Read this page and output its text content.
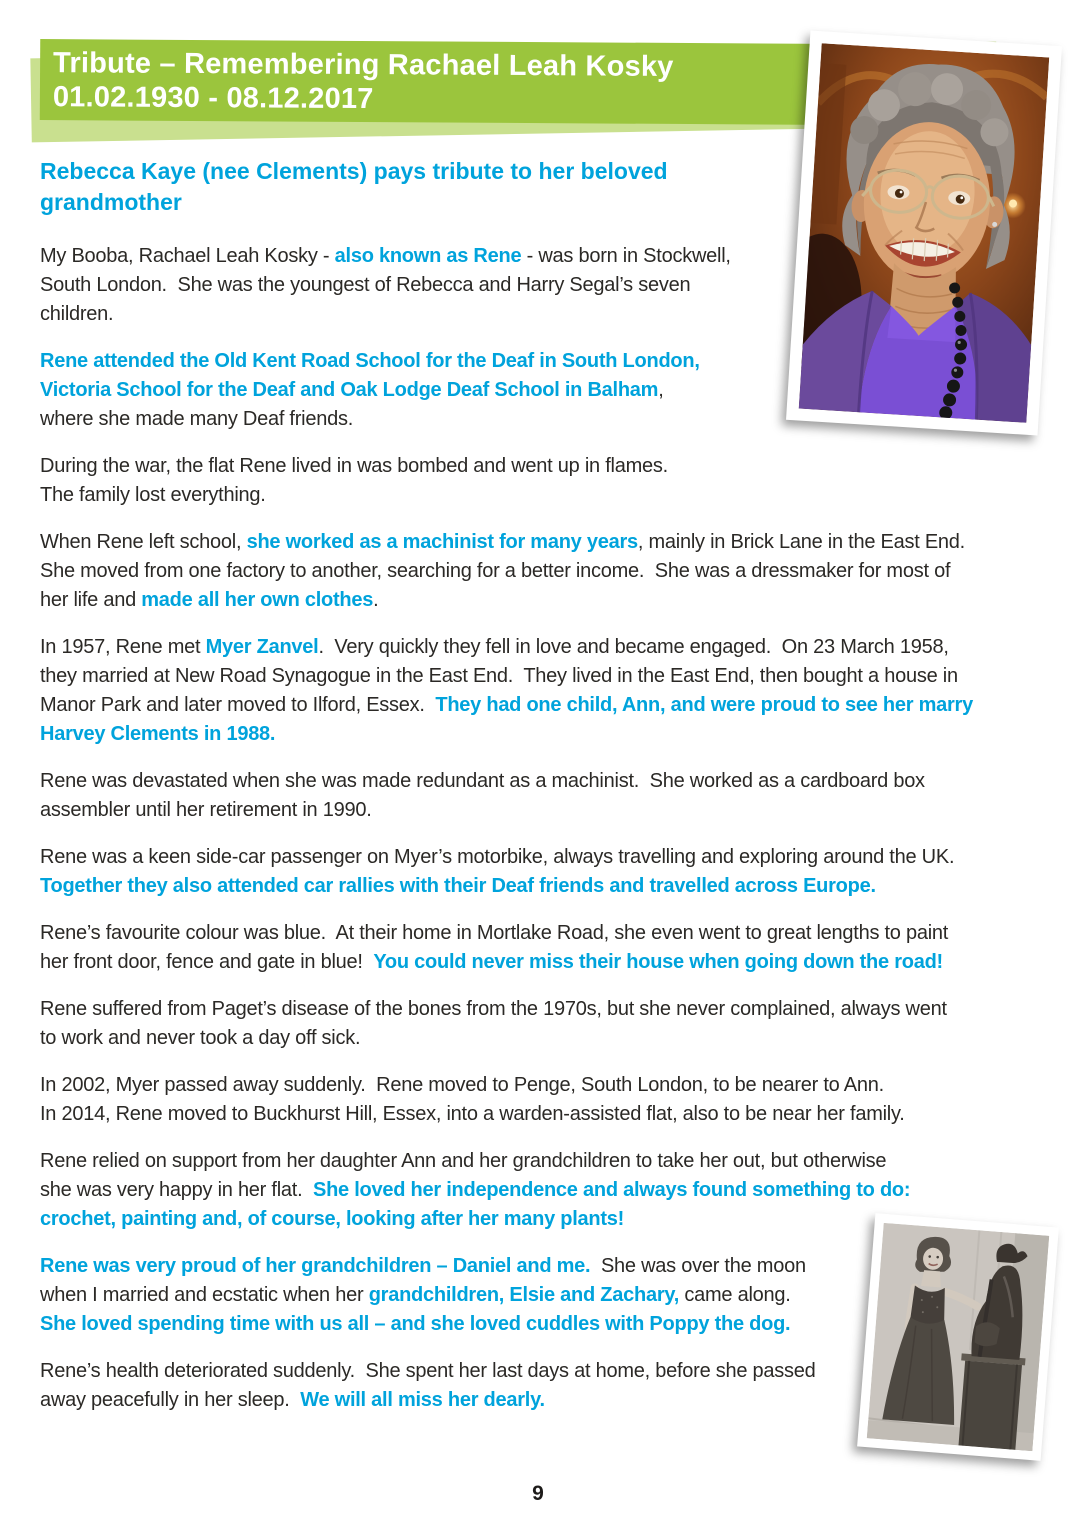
Tribute – Remembering Rachael Leah Kosky
01.02.1930 - 08.12.2017
Rebecca Kaye (nee Clements) pays tribute to her beloved
grandmother
My Booba, Rachael Leah Kosky - also known as Rene - was born in Stockwell,
South London.  She was the youngest of Rebecca and Harry Segal’s seven
children.
Rene attended the Old Kent Road School for the Deaf in South London,
Victoria School for the Deaf and Oak Lodge Deaf School in Balham,
where she made many Deaf friends.
During the war, the flat Rene lived in was bombed and went up in flames.
The family lost everything.
When Rene left school, she worked as a machinist for many years, mainly in Brick Lane in the East End.
She moved from one factory to another, searching for a better income.  She was a dressmaker for most of
her life and made all her own clothes.
In 1957, Rene met Myer Zanvel.  Very quickly they fell in love and became engaged.  On 23 March 1958,
they married at New Road Synagogue in the East End.  They lived in the East End, then bought a house in
Manor Park and later moved to Ilford, Essex.  They had one child, Ann, and were proud to see her marry
Harvey Clements in 1988.
Rene was devastated when she was made redundant as a machinist.  She worked as a cardboard box
assembler until her retirement in 1990.
Rene was a keen side-car passenger on Myer’s motorbike, always travelling and exploring around the UK.
Together they also attended car rallies with their Deaf friends and travelled across Europe.
Rene’s favourite colour was blue.  At their home in Mortlake Road, she even went to great lengths to paint
her front door, fence and gate in blue!  You could never miss their house when going down the road!
Rene suffered from Paget’s disease of the bones from the 1970s, but she never complained, always went
to work and never took a day off sick.
In 2002, Myer passed away suddenly.  Rene moved to Penge, South London, to be nearer to Ann.
In 2014, Rene moved to Buckhurst Hill, Essex, into a warden-assisted flat, also to be near her family.
Rene relied on support from her daughter Ann and her grandchildren to take her out, but otherwise
she was very happy in her flat.  She loved her independence and always found something to do:
crochet, painting and, of course, looking after her many plants!
Rene was very proud of her grandchildren – Daniel and me.  She was over the moon
when I married and ecstatic when her grandchildren, Elsie and Zachary, came along.
She loved spending time with us all – and she loved cuddles with Poppy the dog.
Rene’s health deteriorated suddenly.  She spent her last days at home, before she passed
away peacefully in her sleep.  We will all miss her dearly.
9
